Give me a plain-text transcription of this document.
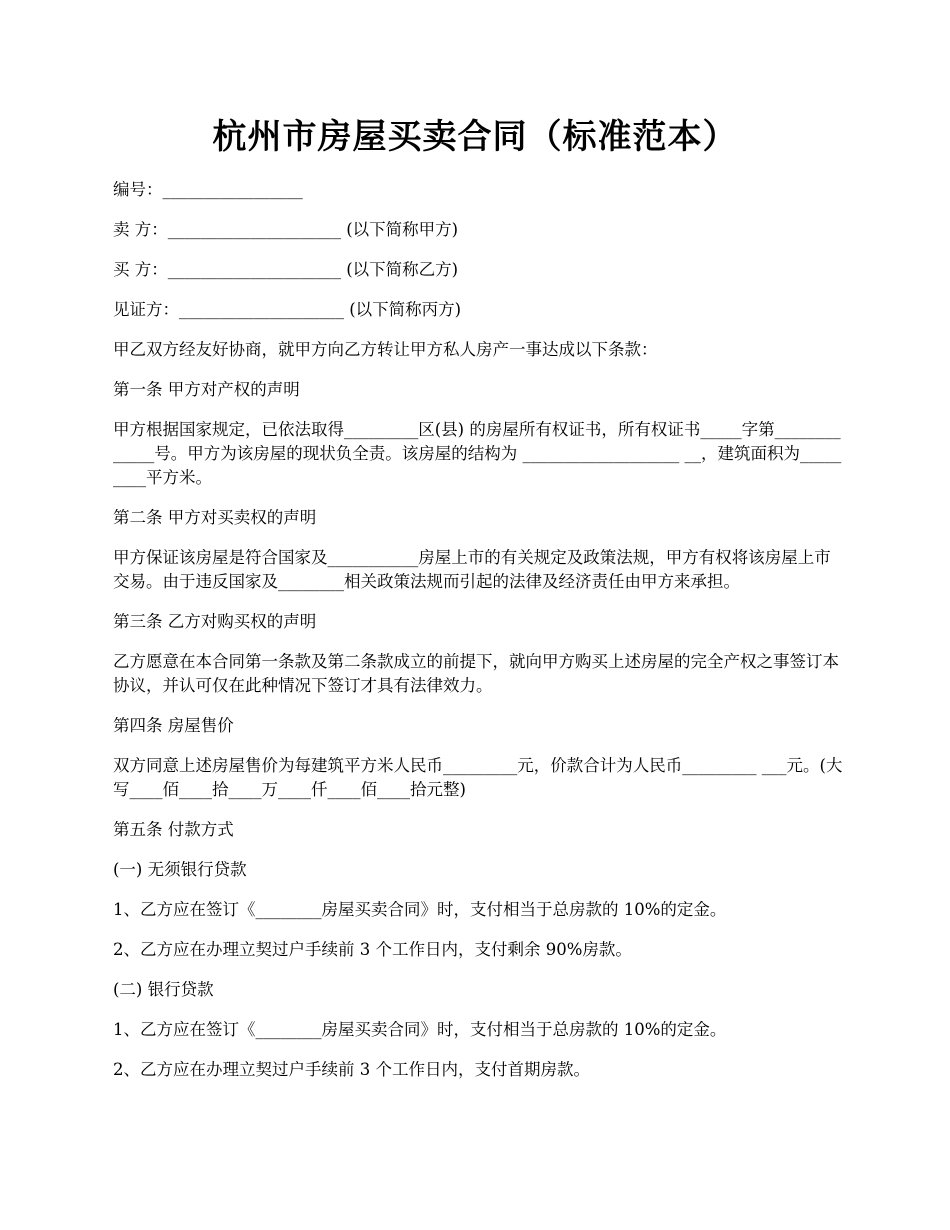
杭州市房屋买卖合同（标准范本）

编号：_________________

卖 方：_____________________ (以下简称甲方)

买 方：_____________________ (以下简称乙方)

见证方：____________________ (以下简称丙方)

甲乙双方经友好协商，就甲方向乙方转让甲方私人房产一事达成以下条款：

第一条 甲方对产权的声明

甲方根据国家规定，已依法取得_________区(县) 的房屋所有权证书，所有权证书_____字第_____________号。甲方为该房屋的现状负全责。该房屋的结构为 ___________________ __，建筑面积为_________平方米。

第二条 甲方对买卖权的声明

甲方保证该房屋是符合国家及___________房屋上市的有关规定及政策法规，甲方有权将该房屋上市交易。由于违反国家及________相关政策法规而引起的法律及经济责任由甲方来承担。

第三条 乙方对购买权的声明

乙方愿意在本合同第一条款及第二条款成立的前提下，就向甲方购买上述房屋的完全产权之事签订本协议，并认可仅在此种情况下签订才具有法律效力。

第四条 房屋售价

双方同意上述房屋售价为每建筑平方米人民币_________元，价款合计为人民币_________ ___元。(大写____佰____拾____万____仟____佰____拾元整)

第五条 付款方式

(一) 无须银行贷款

1、乙方应在签订《________房屋买卖合同》时，支付相当于总房款的 10%的定金。

2、乙方应在办理立契过户手续前 3 个工作日内，支付剩余 90%房款。

(二) 银行贷款

1、乙方应在签订《________房屋买卖合同》时，支付相当于总房款的 10%的定金。

2、乙方应在办理立契过户手续前 3 个工作日内，支付首期房款。
